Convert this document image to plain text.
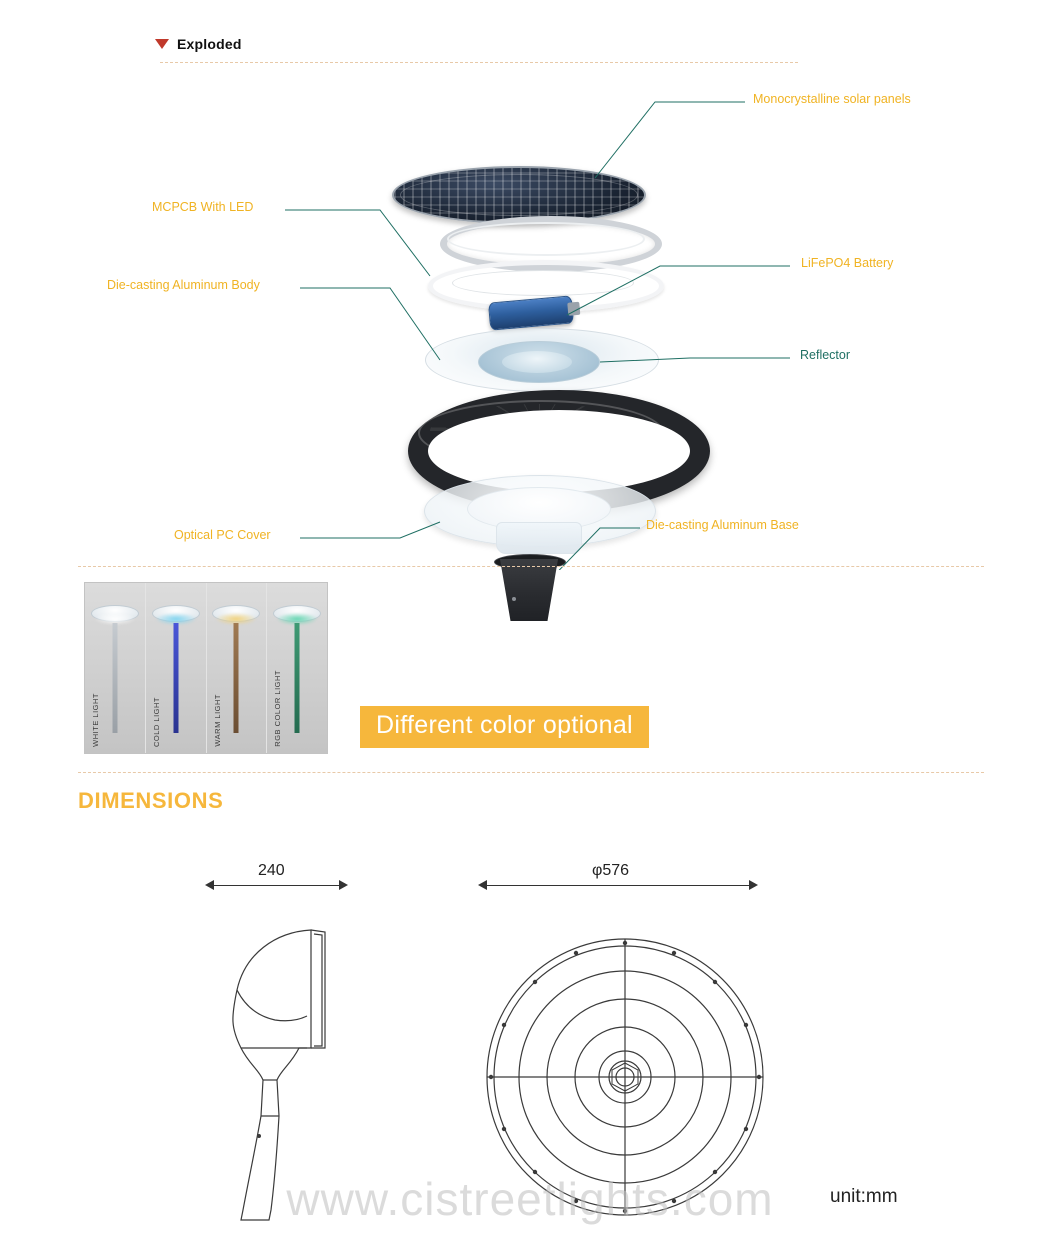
Exploded
Monocrystalline solar panels
MCPCB With LED
LiFePO4 Battery
Die-casting Aluminum Body
Reflector
Optical PC Cover
Die-casting Aluminum Base
WHITE LIGHT	COLD LIGHT	WARM LIGHT	RGB COLOR LIGHT	Different color optional
DIMENSIONS
240	φ576
unit:mm
www.cistreetlights.com
